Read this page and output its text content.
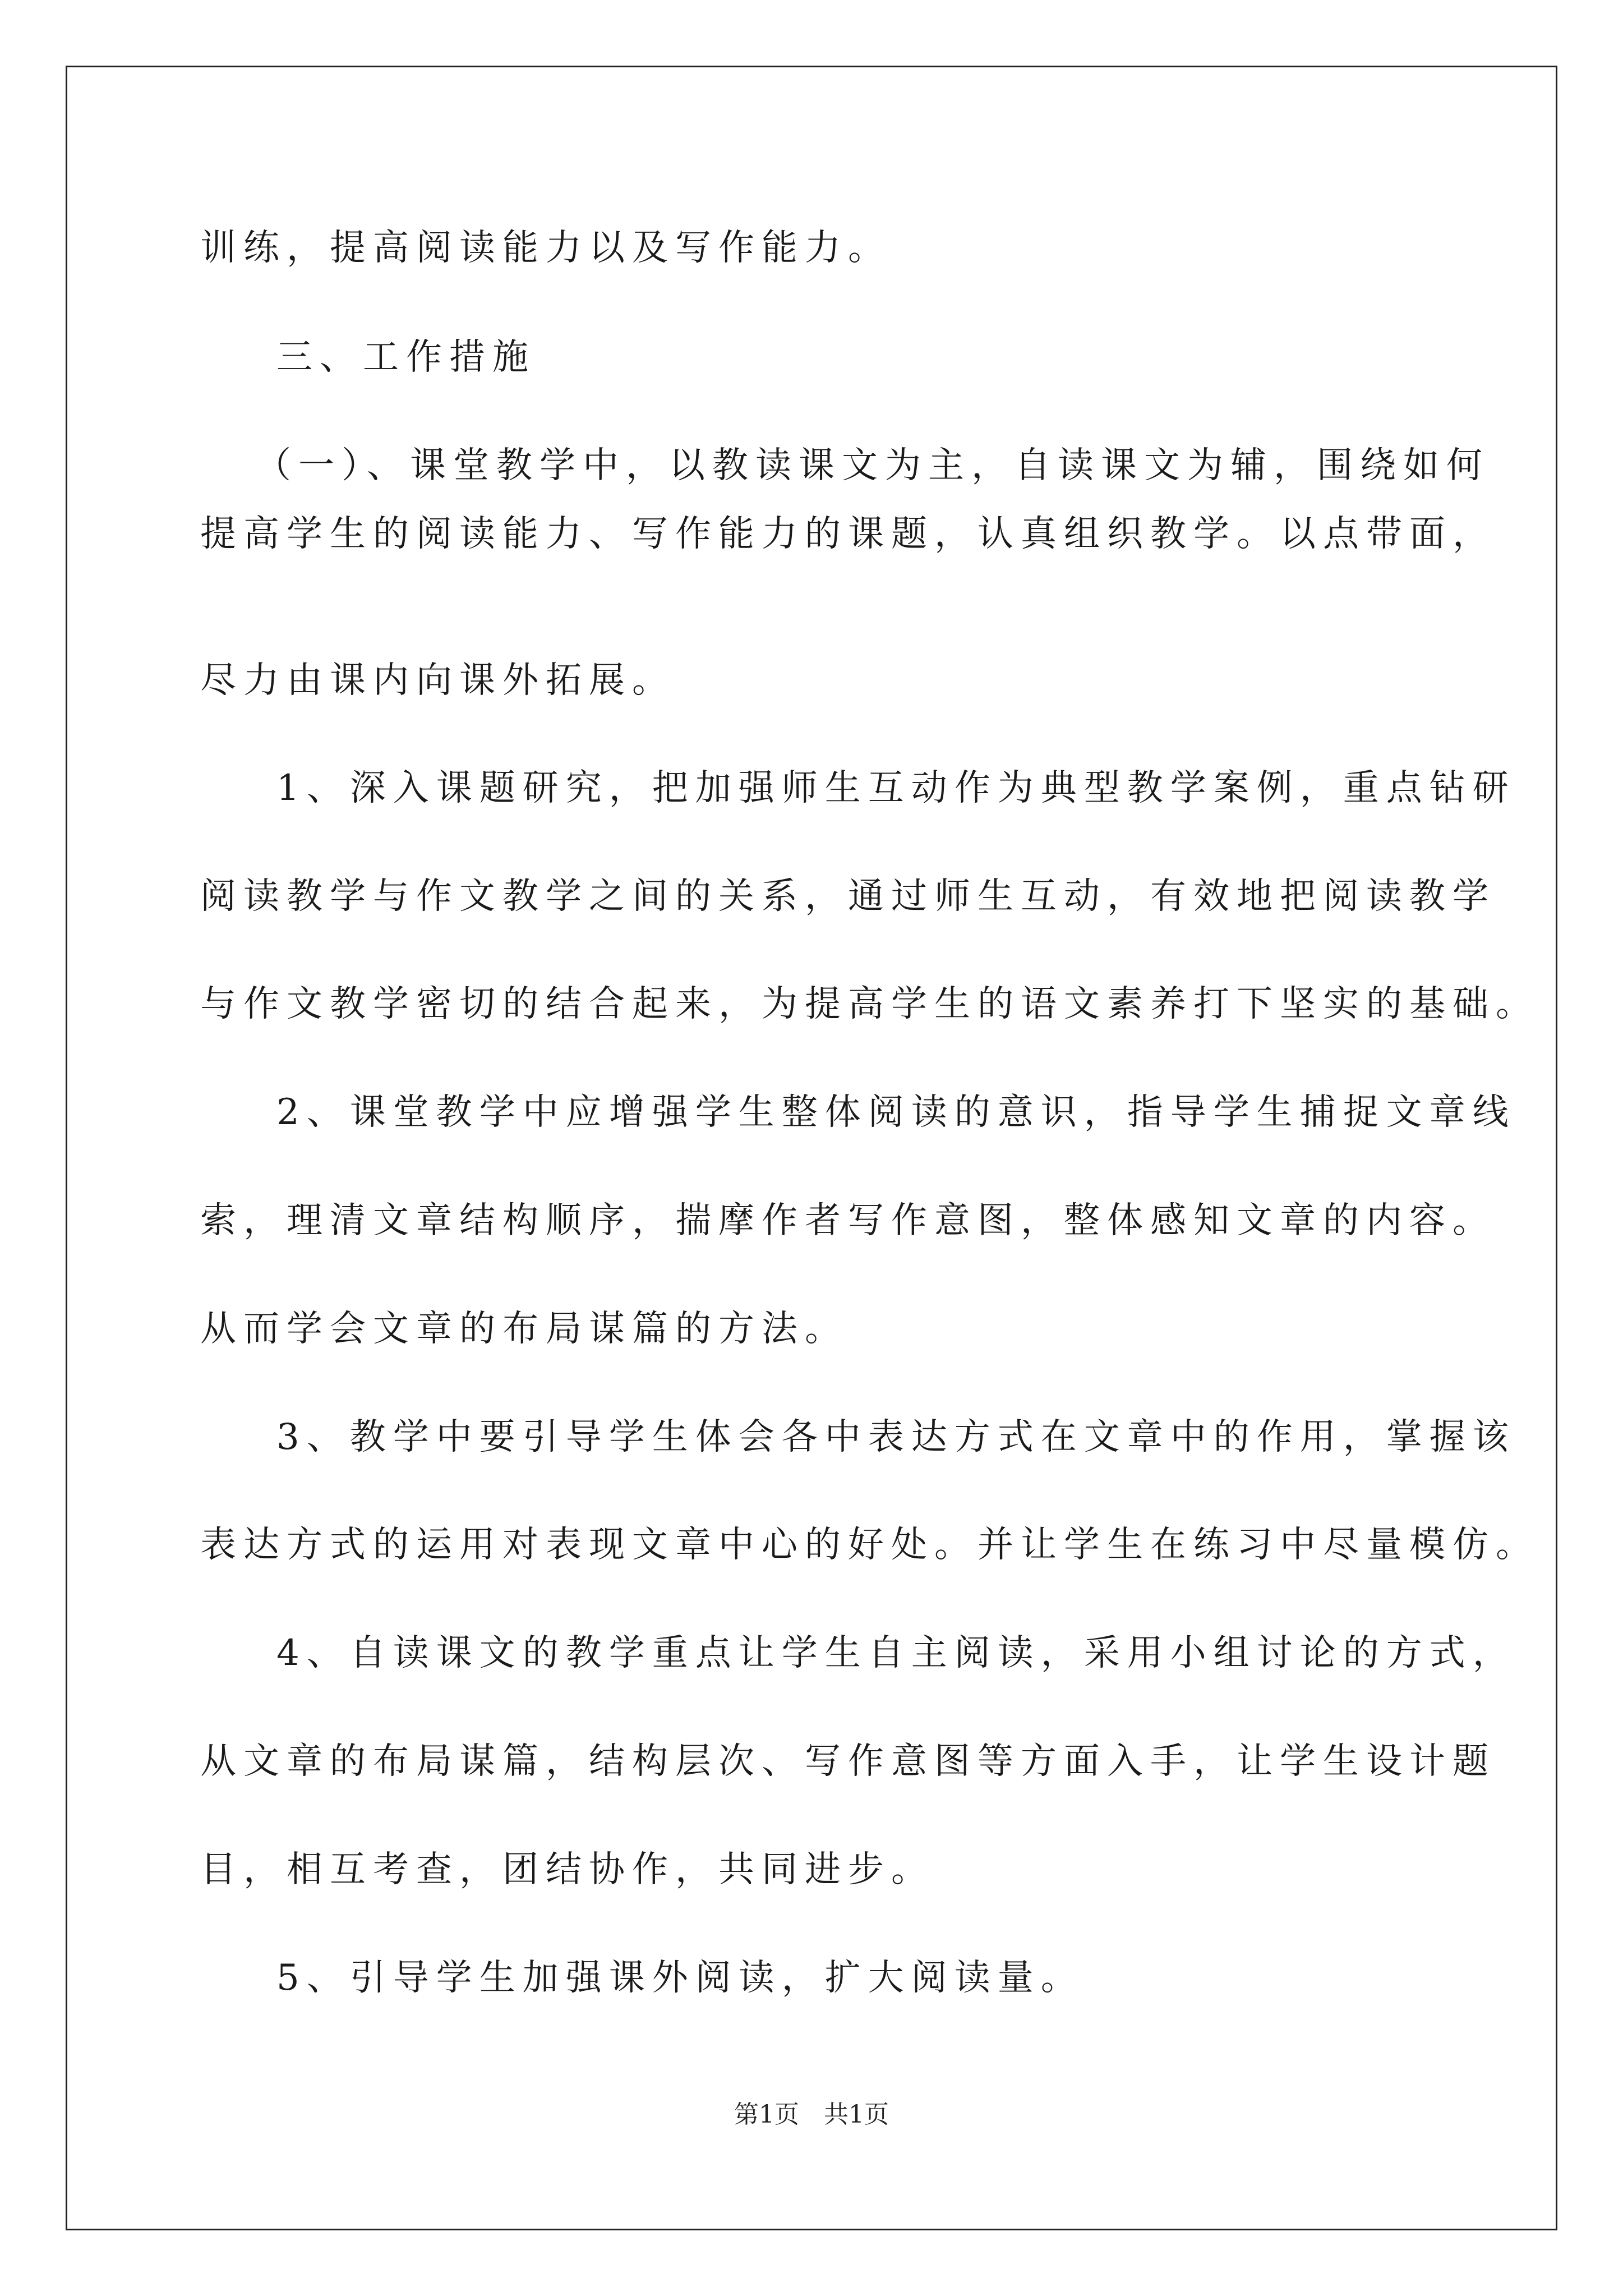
训练，提高阅读能力以及写作能力。
三、工作措施
（一）、课堂教学中，以教读课文为主，自读课文为辅，围绕如何
提高学生的阅读能力、写作能力的课题，认真组织教学。以点带面，
尽力由课内向课外拓展。
1、深入课题研究，把加强师生互动作为典型教学案例，重点钻研
阅读教学与作文教学之间的关系，通过师生互动，有效地把阅读教学
与作文教学密切的结合起来，为提高学生的语文素养打下坚实的基础。
2、课堂教学中应增强学生整体阅读的意识，指导学生捕捉文章线
索，理清文章结构顺序，揣摩作者写作意图，整体感知文章的内容。
从而学会文章的布局谋篇的方法。
3、教学中要引导学生体会各中表达方式在文章中的作用，掌握该
表达方式的运用对表现文章中心的好处。并让学生在练习中尽量模仿。
4、自读课文的教学重点让学生自主阅读，采用小组讨论的方式，
从文章的布局谋篇，结构层次、写作意图等方面入手，让学生设计题
目，相互考查，团结协作，共同进步。
5、引导学生加强课外阅读，扩大阅读量。
第1页　共1页
